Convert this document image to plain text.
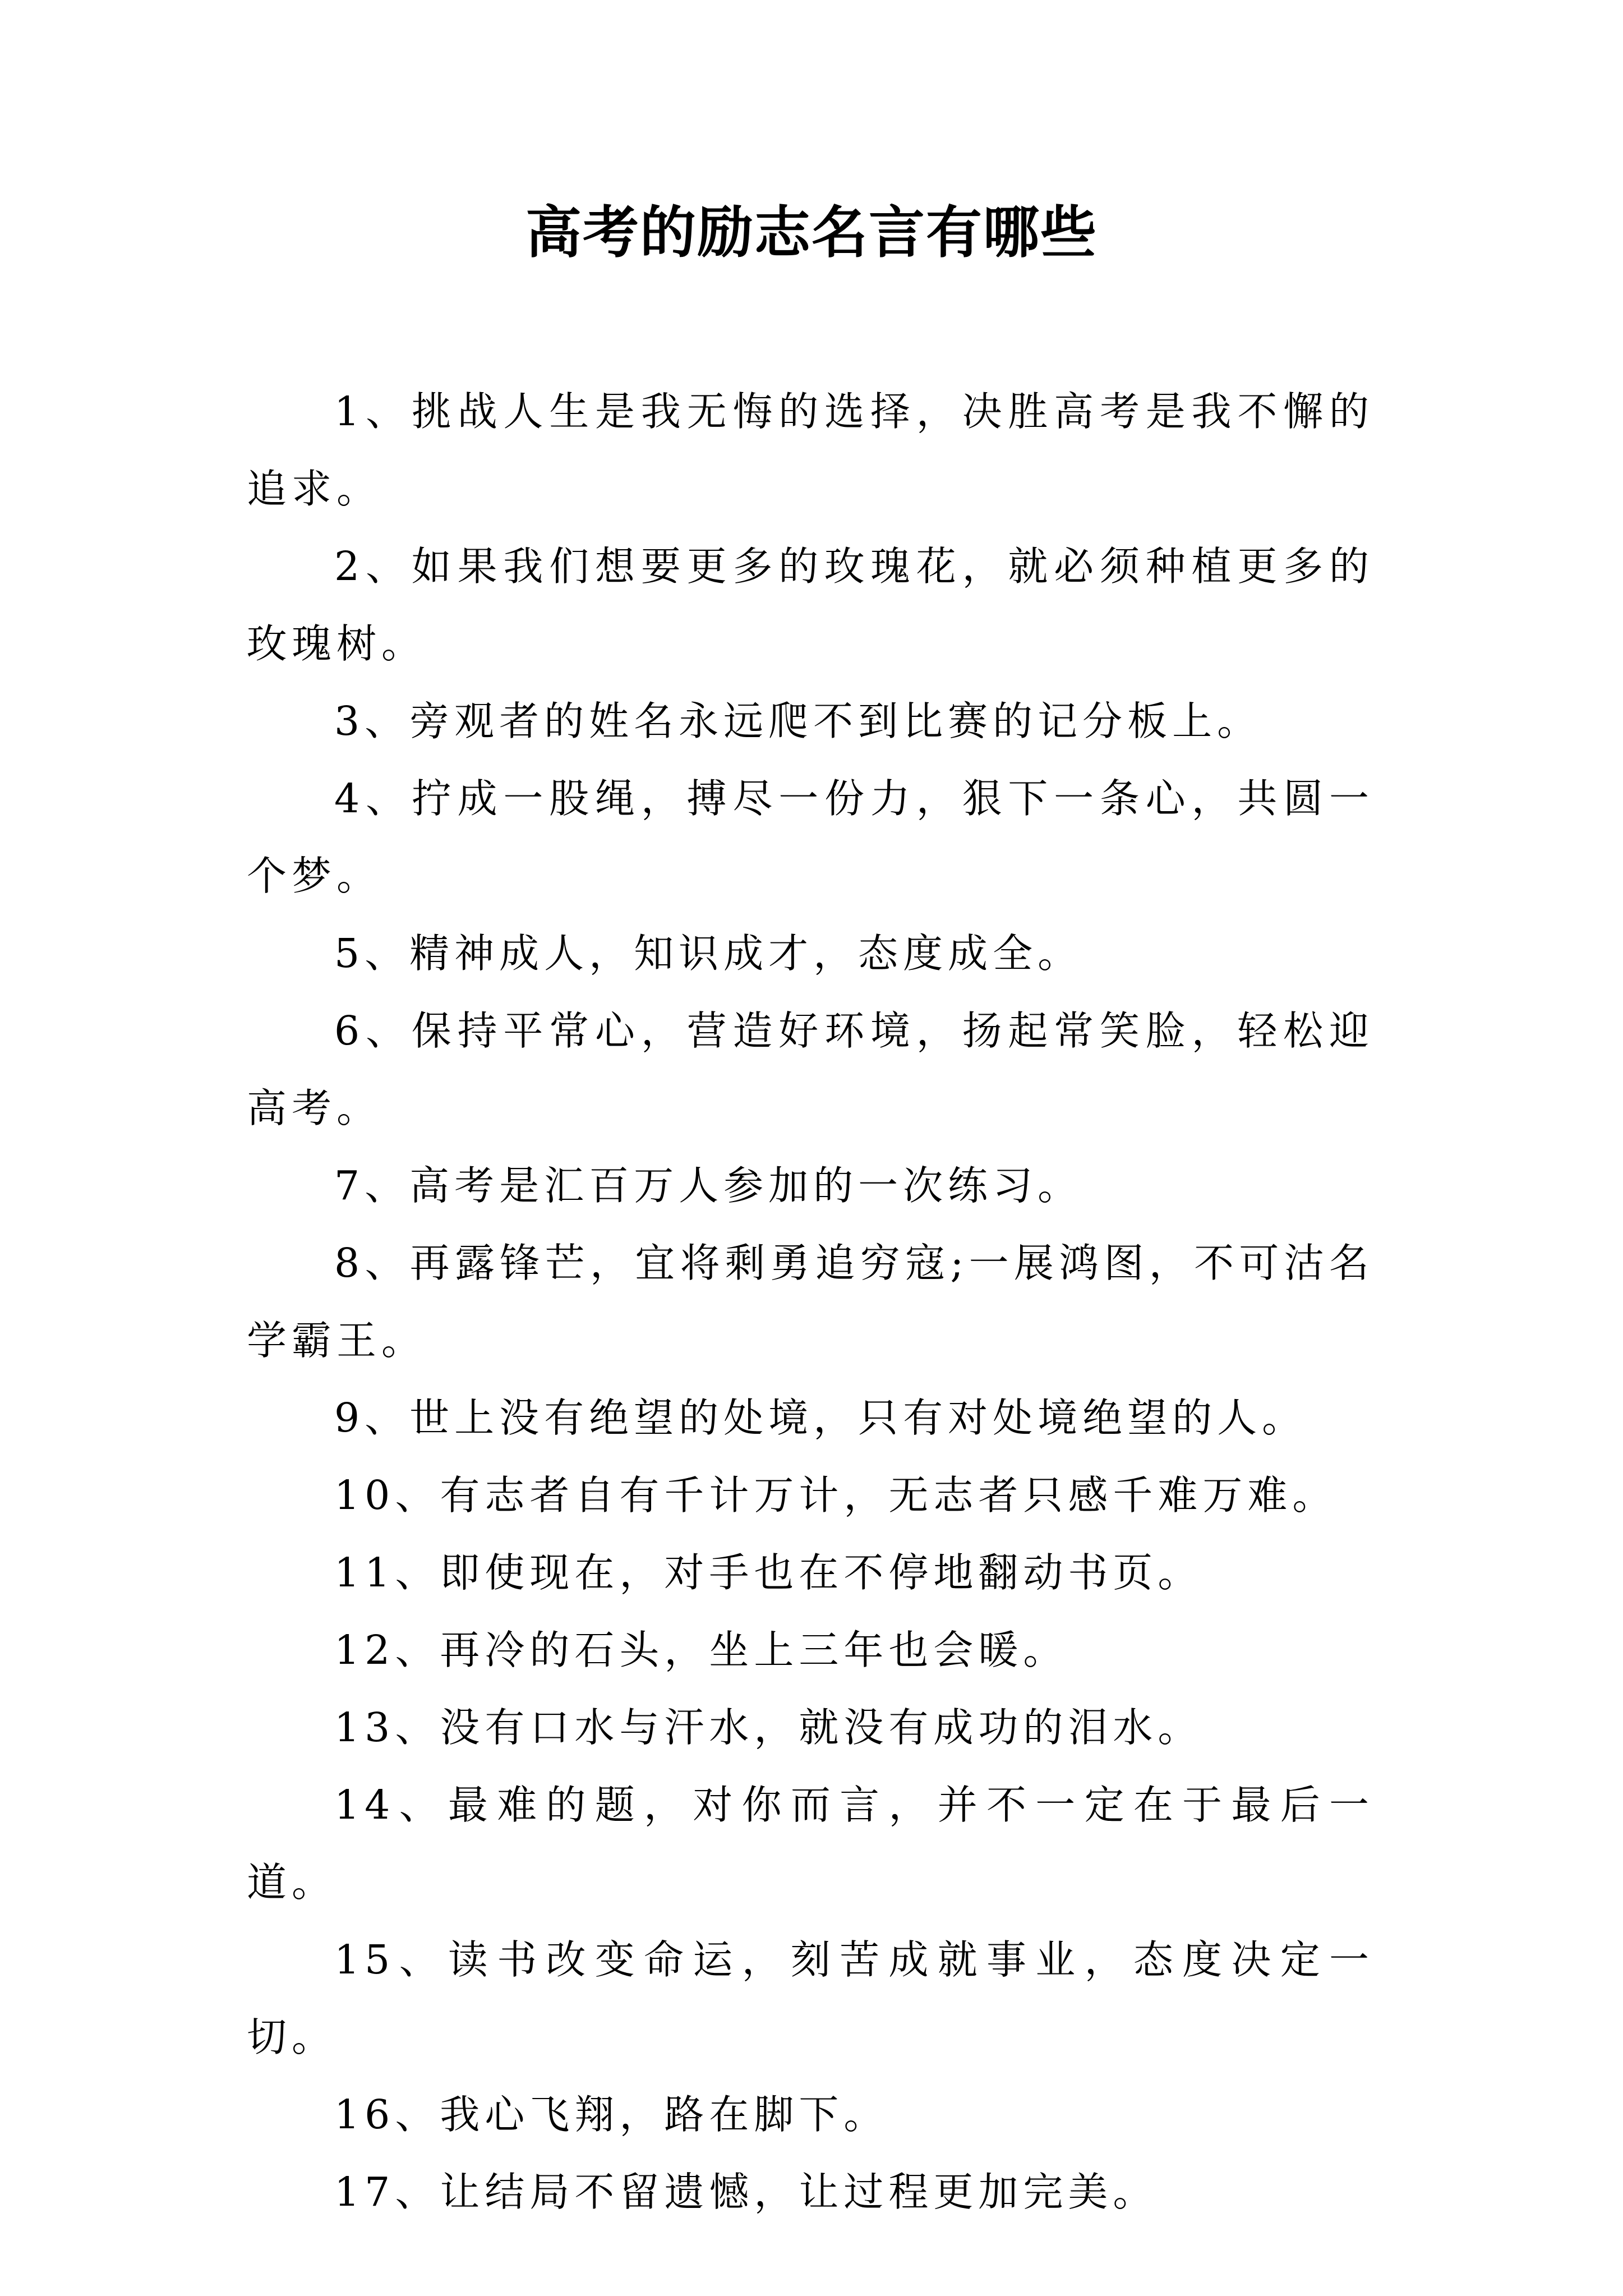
高考的励志名言有哪些

1、挑战人生是我无悔的选择，决胜高考是我不懈的追求。

2、如果我们想要更多的玫瑰花，就必须种植更多的玫瑰树。

3、旁观者的姓名永远爬不到比赛的记分板上。

4、拧成一股绳，搏尽一份力，狠下一条心，共圆一个梦。

5、精神成人，知识成才，态度成全。

6、保持平常心，营造好环境，扬起常笑脸，轻松迎高考。

7、高考是汇百万人参加的一次练习。

8、再露锋芒，宜将剩勇追穷寇;一展鸿图，不可沽名学霸王。

9、世上没有绝望的处境，只有对处境绝望的人。

10、有志者自有千计万计，无志者只感千难万难。

11、即使现在，对手也在不停地翻动书页。

12、再冷的石头，坐上三年也会暖。

13、没有口水与汗水，就没有成功的泪水。

14、最难的题，对你而言，并不一定在于最后一道。

15、读书改变命运，刻苦成就事业，态度决定一切。

16、我心飞翔，路在脚下。

17、让结局不留遗憾，让过程更加完美。
